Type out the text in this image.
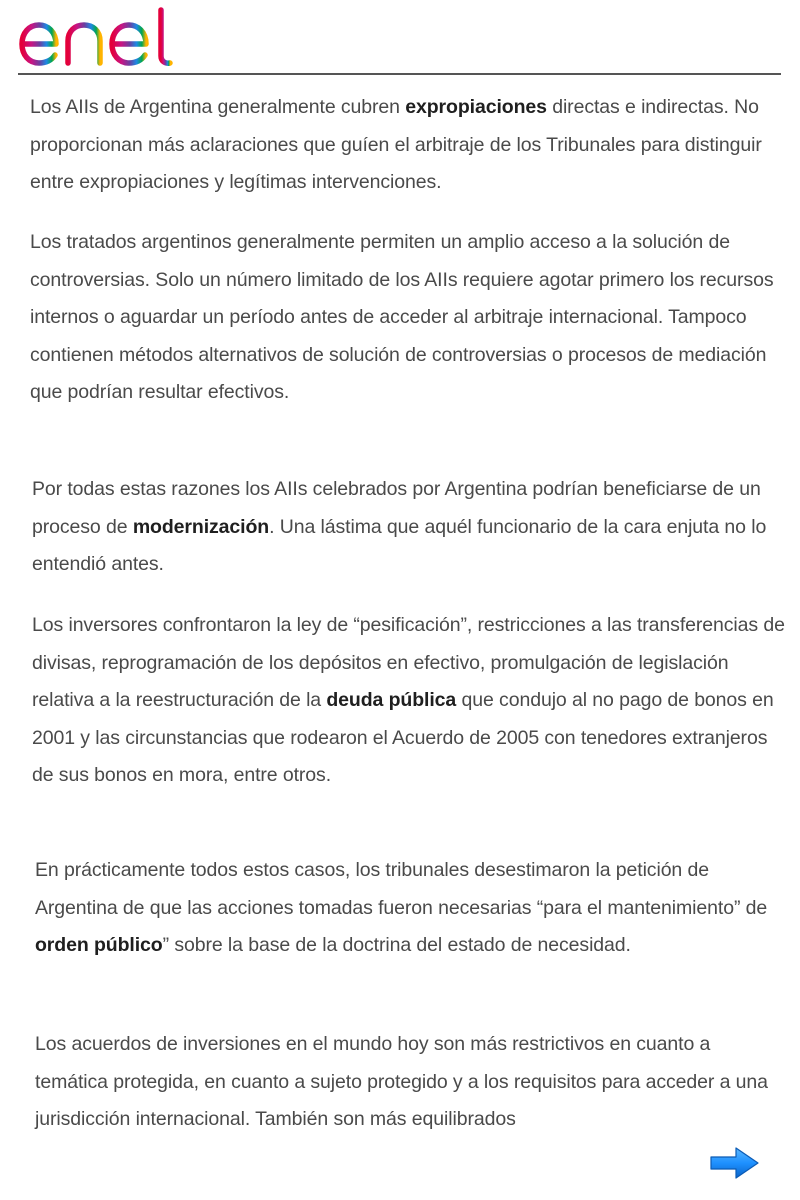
Los AIIs de Argentina generalmente cubren expropiaciones directas e indirectas. No proporcionan más aclaraciones que guíen el arbitraje de los Tribunales para distinguir entre expropiaciones y legítimas intervenciones.

Los tratados argentinos generalmente permiten un amplio acceso a la solución de controversias. Solo un número limitado de los AIIs requiere agotar primero los recursos internos o aguardar un período antes de acceder al arbitraje internacional. Tampoco contienen métodos alternativos de solución de controversias o procesos de mediación que podrían resultar efectivos.

Por todas estas razones los AIIs celebrados por Argentina podrían beneficiarse de un proceso de modernización. Una lástima que aquél funcionario de la cara enjuta no lo entendió antes.

Los inversores confrontaron la ley de “pesificación”, restricciones a las transferencias de divisas, reprogramación de los depósitos en efectivo, promulgación de legislación relativa a la reestructuración de la deuda pública que condujo al no pago de bonos en 2001 y las circunstancias que rodearon el Acuerdo de 2005 con tenedores extranjeros de sus bonos en mora, entre otros.

En prácticamente todos estos casos, los tribunales desestimaron la petición de Argentina de que las acciones tomadas fueron necesarias “para el mantenimiento” de orden público” sobre la base de la doctrina del estado de necesidad.

Los acuerdos de inversiones en el mundo hoy son más restrictivos en cuanto a temática protegida, en cuanto a sujeto protegido y a los requisitos para acceder a una jurisdicción internacional. También son más equilibrados
